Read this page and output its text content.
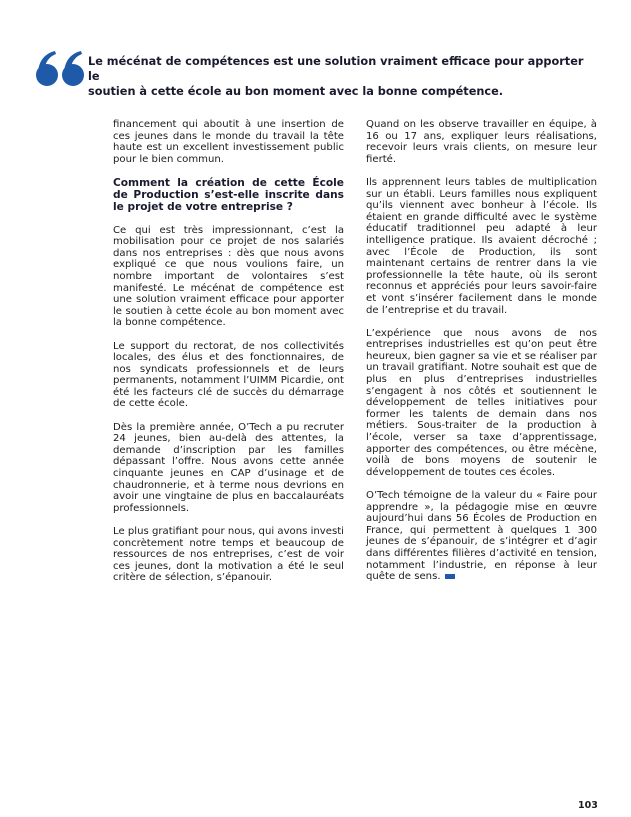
Le mécénat de compétences est une solution vraiment efficace pour apporter le
soutien à cette école au bon moment avec la bonne compétence.

financement qui aboutit à une insertion de ces jeunes dans le monde du travail la tête haute est un excellent investissement public pour le bien commun.

Comment la création de cette École de Production s’est-elle inscrite dans le projet de votre entreprise ?

Ce qui est très impressionnant, c’est la mobilisation pour ce projet de nos salariés dans nos entreprises : dès que nous avons expliqué ce que nous voulions faire, un nombre important de volontaires s’est manifesté. Le mécénat de compétence est une solution vraiment efficace pour apporter le soutien à cette école au bon moment avec la bonne compétence.

Le support du rectorat, de nos collectivités locales, des élus et des fonctionnaires, de nos syndicats professionnels et de leurs permanents, notamment l’UIMM Picardie, ont été les facteurs clé de succès du démarrage de cette école.

Dès la première année, O’Tech a pu recruter 24 jeunes, bien au-delà des attentes, la demande d’inscription par les familles dépassant l’offre. Nous avons cette année cinquante jeunes en CAP d’usinage et de chaudronnerie, et à terme nous devrions en avoir une vingtaine de plus en baccalauréats professionnels.

Le plus gratifiant pour nous, qui avons investi concrètement notre temps et beaucoup de ressources de nos entreprises, c’est de voir ces jeunes, dont la motivation a été le seul critère de sélection, s’épanouir.

Quand on les observe travailler en équipe, à 16 ou 17 ans, expliquer leurs réalisations, recevoir leurs vrais clients, on mesure leur fierté.

Ils apprennent leurs tables de multiplication sur un établi. Leurs familles nous expliquent qu’ils viennent avec bonheur à l’école. Ils étaient en grande difficulté avec le système éducatif traditionnel peu adapté à leur intelligence pratique. Ils avaient décroché ; avec l’École de Production, ils sont maintenant certains de rentrer dans la vie professionnelle la tête haute, où ils seront reconnus et appréciés pour leurs savoir-faire et vont s’insérer facilement dans le monde de l’entreprise et du travail.

L’expérience que nous avons de nos entreprises industrielles est qu’on peut être heureux, bien gagner sa vie et se réaliser par un travail gratifiant. Notre souhait est que de plus en plus d’entreprises industrielles s’engagent à nos côtés et soutiennent le développement de telles initiatives pour former les talents de demain dans nos métiers. Sous-traiter de la production à l’école, verser sa taxe d’apprentissage, apporter des compétences, ou être mécène, voilà de bons moyens de soutenir le développement de toutes ces écoles.

O’Tech témoigne de la valeur du « Faire pour apprendre », la pédagogie mise en œuvre aujourd’hui dans 56 Écoles de Production en France, qui permettent à quelques 1 300 jeunes de s’épanouir, de s’intégrer et d’agir dans différentes filières d’activité en tension, notamment l’industrie, en réponse à leur quête de sens.

103
